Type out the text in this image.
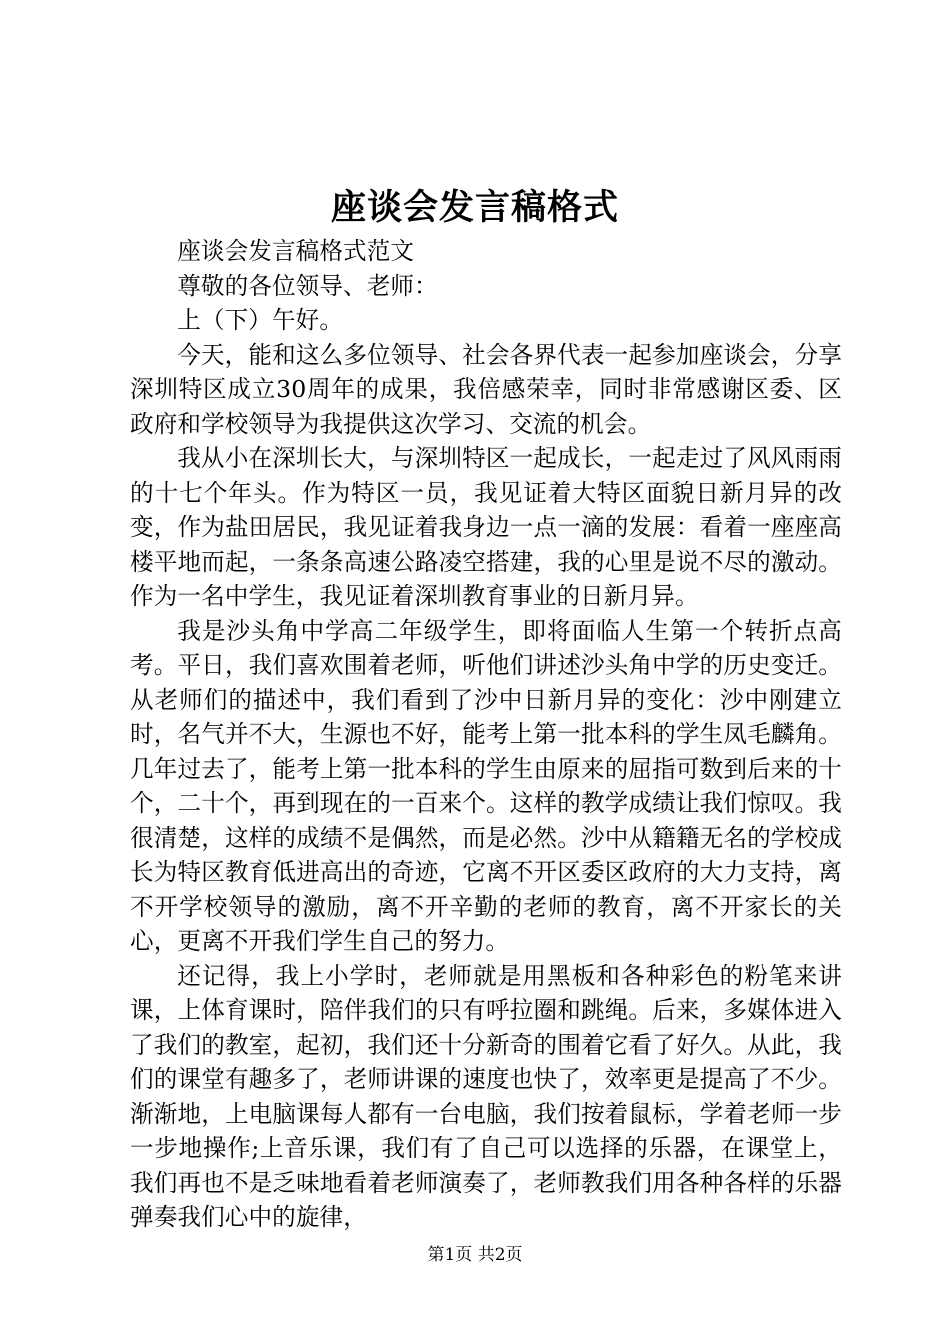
座谈会发言稿格式

座谈会发言稿格式范文

尊敬的各位领导、老师：

上（下）午好。

今天，能和这么多位领导、社会各界代表一起参加座谈会，分享深圳特区成立30周年的成果，我倍感荣幸，同时非常感谢区委、区政府和学校领导为我提供这次学习、交流的机会。

我从小在深圳长大，与深圳特区一起成长，一起走过了风风雨雨的十七个年头。作为特区一员，我见证着大特区面貌日新月异的改变，作为盐田居民，我见证着我身边一点一滴的发展：看着一座座高楼平地而起，一条条高速公路凌空搭建，我的心里是说不尽的激动。作为一名中学生，我见证着深圳教育事业的日新月异。

我是沙头角中学高二年级学生，即将面临人生第一个转折点高考。平日，我们喜欢围着老师，听他们讲述沙头角中学的历史变迁。从老师们的描述中，我们看到了沙中日新月异的变化：沙中刚建立时，名气并不大，生源也不好，能考上第一批本科的学生凤毛麟角。几年过去了，能考上第一批本科的学生由原来的屈指可数到后来的十个，二十个，再到现在的一百来个。这样的教学成绩让我们惊叹。我很清楚，这样的成绩不是偶然，而是必然。沙中从籍籍无名的学校成长为特区教育低进高出的奇迹，它离不开区委区政府的大力支持，离不开学校领导的激励，离不开辛勤的老师的教育，离不开家长的关心，更离不开我们学生自己的努力。

还记得，我上小学时，老师就是用黑板和各种彩色的粉笔来讲课，上体育课时，陪伴我们的只有呼拉圈和跳绳。后来，多媒体进入了我们的教室，起初，我们还十分新奇的围着它看了好久。从此，我们的课堂有趣多了，老师讲课的速度也快了，效率更是提高了不少。渐渐地，上电脑课每人都有一台电脑，我们按着鼠标，学着老师一步一步地操作;上音乐课，我们有了自己可以选择的乐器，在课堂上，我们再也不是乏味地看着老师演奏了，老师教我们用各种各样的乐器弹奏我们心中的旋律，

第1页 共2页
